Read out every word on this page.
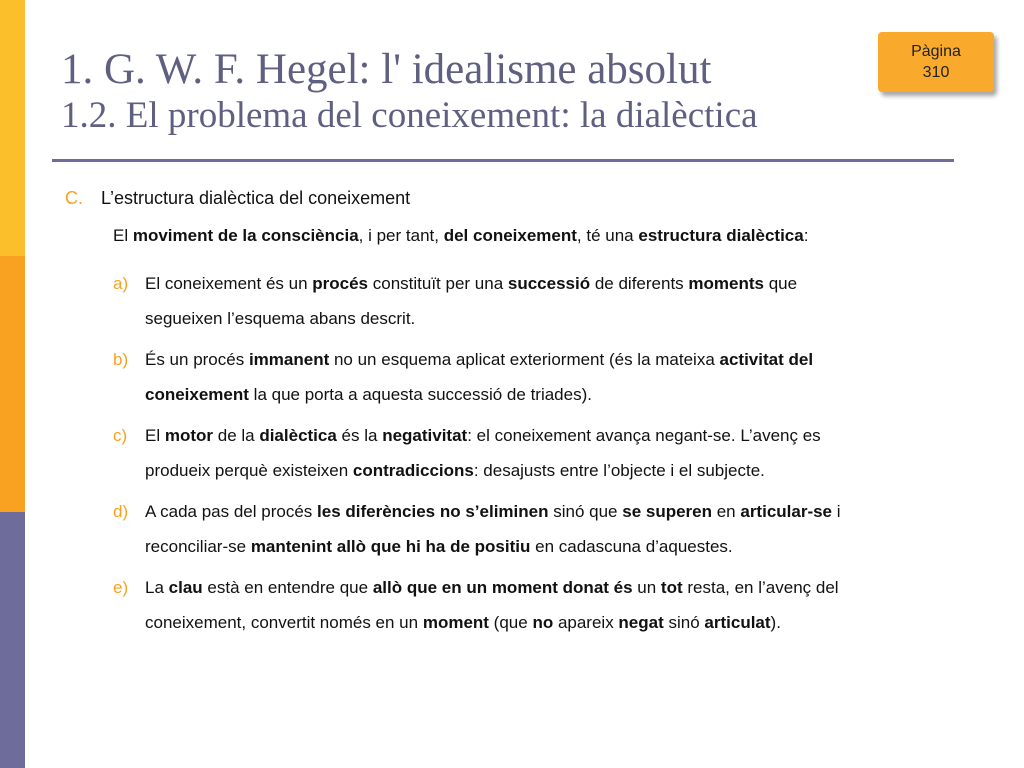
Pàgina
310
1. G. W. F. Hegel: l' idealisme absolut
1.2. El problema del coneixement: la dialèctica
C. L’estructura dialèctica del coneixement
El moviment de la consciència, i per tant, del coneixement, té una estructura dialèctica:
a) El coneixement és un procés constituït per una successió de diferents moments que
segueixen l’esquema abans descrit.
b) És un procés immanent no un esquema aplicat exteriorment (és la mateixa activitat del
coneixement la que porta a aquesta successió de triades).
c) El motor de la dialèctica és la negativitat: el coneixement avança negant-se. L’avenç es
produeix perquè existeixen contradiccions: desajusts entre l’objecte i el subjecte.
d) A cada pas del procés les diferències no s’eliminen sinó que se superen en articular-se i
reconciliar-se mantenint allò que hi ha de positiu en cadascuna d’aquestes.
e) La clau està en entendre que allò que en un moment donat és un tot resta, en l’avenç del
coneixement, convertit només en un moment (que no apareix negat sinó articulat).
